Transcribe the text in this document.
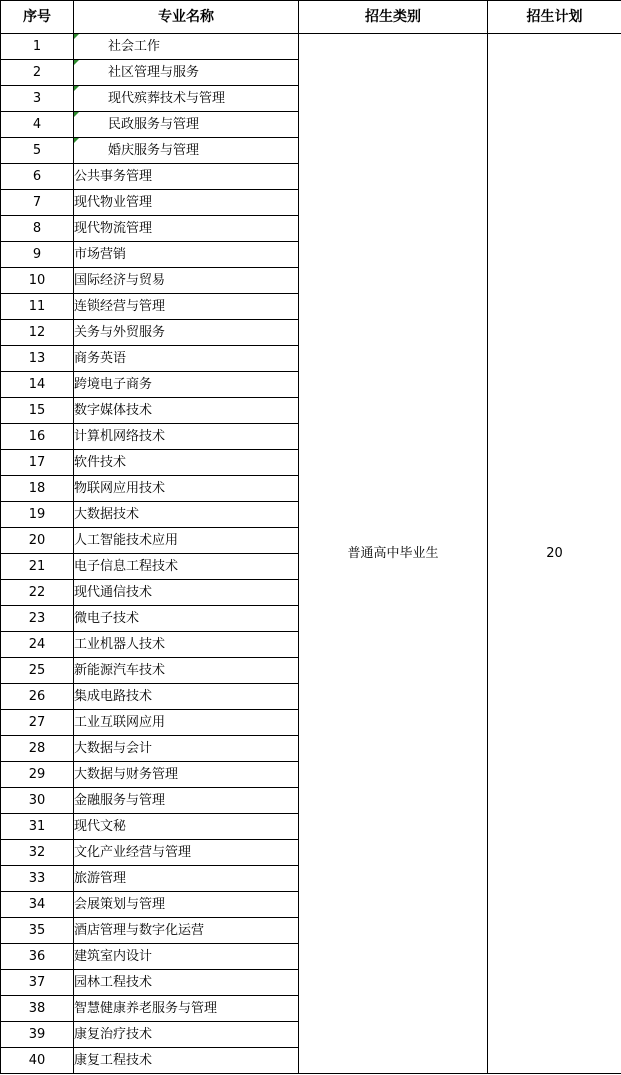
序号	专业名称	招生类别	招生计划
1	社会工作	普通高中毕业生	20
2	社区管理与服务		
3	现代殡葬技术与管理		
4	民政服务与管理		
5	婚庆服务与管理		
6	公共事务管理		
7	现代物业管理		
8	现代物流管理		
9	市场营销		
10	国际经济与贸易		
11	连锁经营与管理		
12	关务与外贸服务		
13	商务英语		
14	跨境电子商务		
15	数字媒体技术		
16	计算机网络技术		
17	软件技术		
18	物联网应用技术		
19	大数据技术		
20	人工智能技术应用		
21	电子信息工程技术		
22	现代通信技术		
23	微电子技术		
24	工业机器人技术		
25	新能源汽车技术		
26	集成电路技术		
27	工业互联网应用		
28	大数据与会计		
29	大数据与财务管理		
30	金融服务与管理		
31	现代文秘		
32	文化产业经营与管理		
33	旅游管理		
34	会展策划与管理		
35	酒店管理与数字化运营		
36	建筑室内设计		
37	园林工程技术		
38	智慧健康养老服务与管理		
39	康复治疗技术		
40	康复工程技术		
